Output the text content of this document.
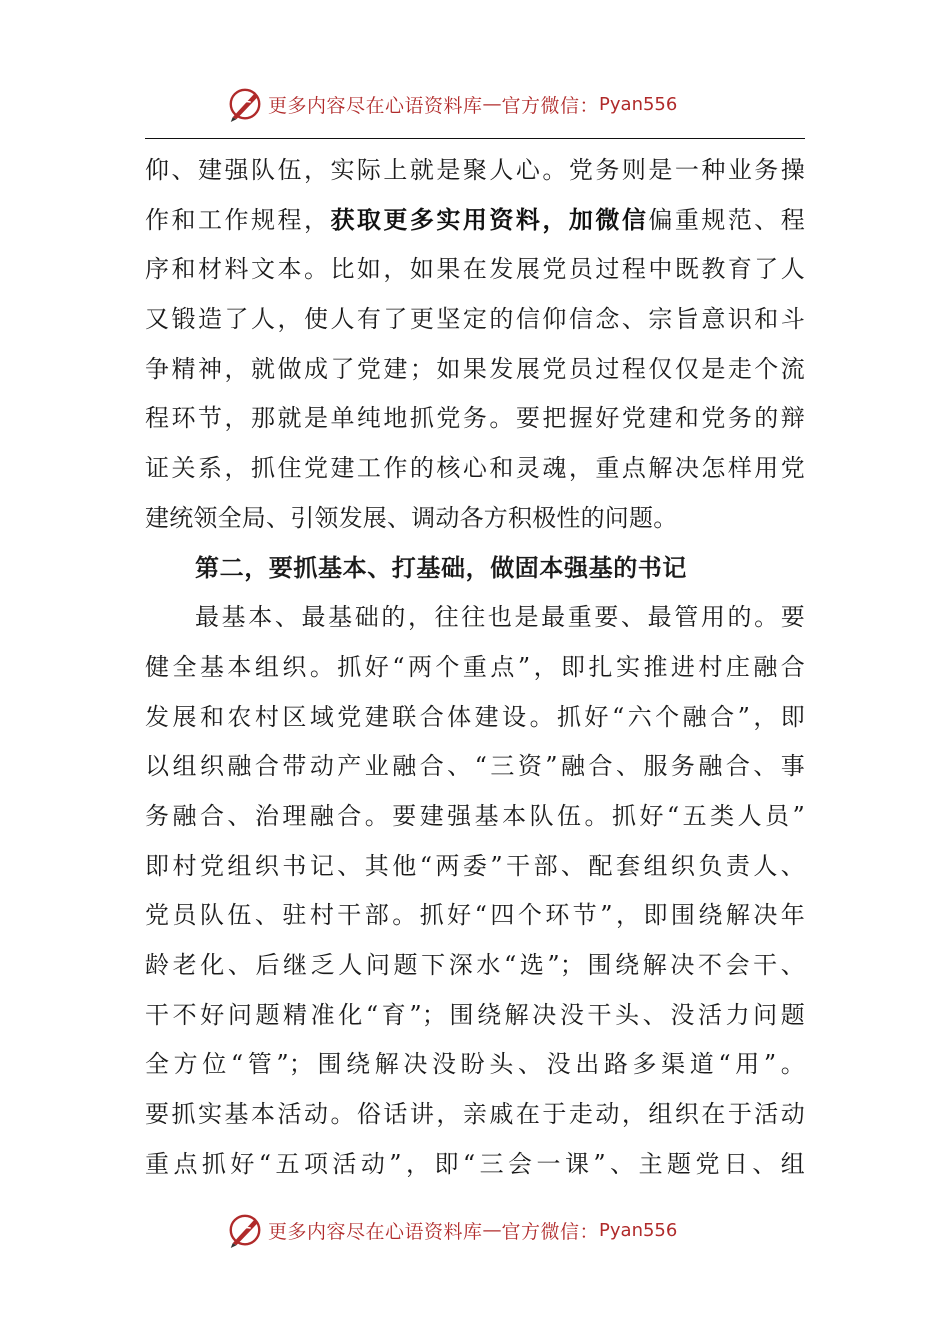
更多内容尽在心语资料库 — 官方微信： Pyan556
仰、建强队伍，实际上就是聚人心。党务则是一种业务操
作和工作规程，获取更多实用资料，加微信偏重规范、程
序和材料文本。比如，如果在发展党员过程中既教育了人
又锻造了人，使人有了更坚定的信仰信念、宗旨意识和斗
争精神，就做成了党建；如果发展党员过程仅仅是走个流
程环节，那就是单纯地抓党务。要把握好党建和党务的辩
证关系，抓住党建工作的核心和灵魂，重点解决怎样用党
建统领全局、引领发展、调动各方积极性的问题。
第二，要抓基本、打基础，做固本强基的书记
最基本、最基础的，往往也是最重要、最管用的。要
健全基本组织。抓好“两个重点”，即扎实推进村庄融合
发展和农村区域党建联合体建设。抓好“六个融合”，即
以组织融合带动产业融合、“三资”融合、服务融合、事
务融合、治理融合。要建强基本队伍。抓好“五类人员”
即村党组织书记、其他“两委”干部、配套组织负责人、
党员队伍、驻村干部。抓好“四个环节”，即围绕解决年
龄老化、后继乏人问题下深水“选”；围绕解决不会干、
干不好问题精准化“育”；围绕解决没干头、没活力问题
全方位“管”；围绕解决没盼头、没出路多渠道“用”。
要抓实基本活动。俗话讲，亲戚在于走动，组织在于活动
重点抓好“五项活动”，即“三会一课”、主题党日、组
更多内容尽在心语资料库 — 官方微信： Pyan556
